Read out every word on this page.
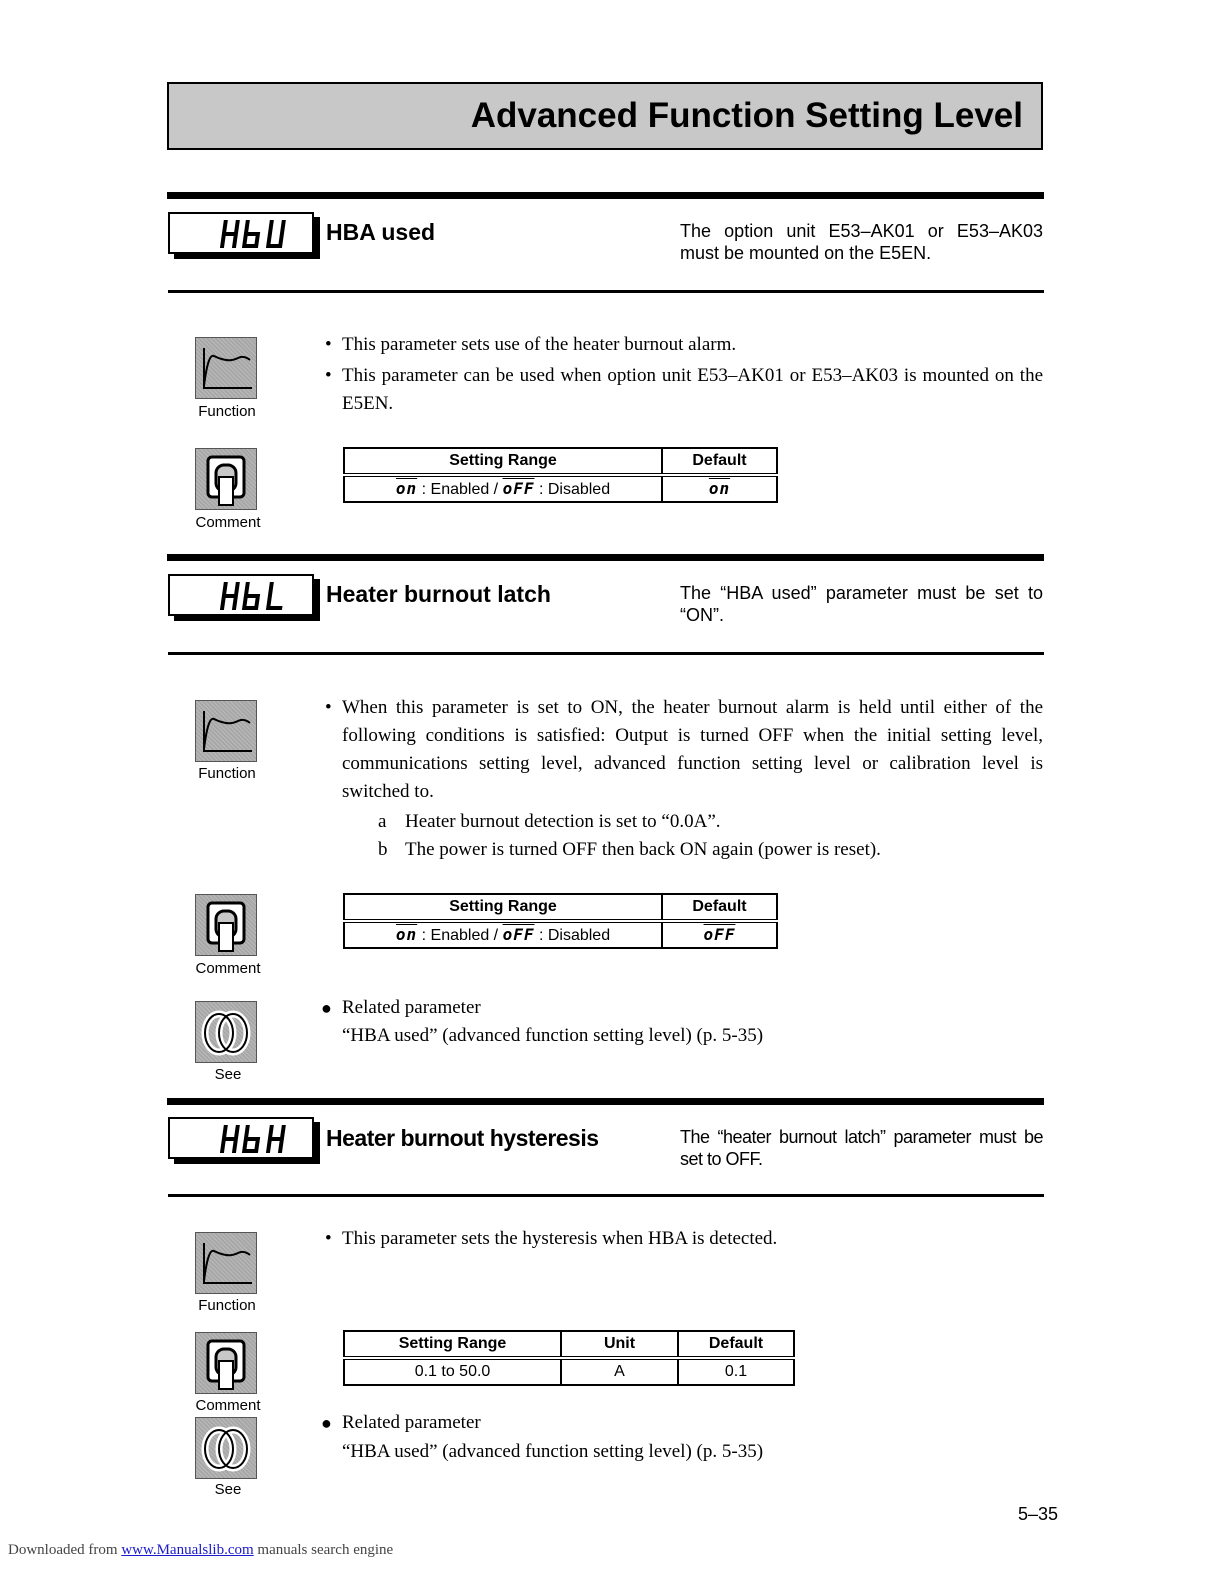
Advanced Function Setting Level
HBA used	The option unit E53–AK01 or E53–AK03 must be mounted on the E5EN.
Function
• This parameter sets use of the heater burnout alarm.
• This parameter can be used when option unit E53–AK01 or E53–AK03 is mounted on the E5EN.
Comment
Setting Range	Default
$\overline{on}$ : Enabled / $\overline{oFF}$ : Disabled	$\overline{on}$
Heater burnout latch	The “HBA used” parameter must be set to “ON”.
Function
• When this parameter is set to ON, the heater burnout alarm is held until either of the following conditions is satisfied: Output is turned OFF when the initial setting level, communications setting level, advanced function setting level or calibration level is switched to.
a Heater burnout detection is set to “0.0A”.
b The power is turned OFF then back ON again (power is reset).
Comment
Setting Range	Default
$\overline{on}$ : Enabled / $\overline{oFF}$ : Disabled	$\overline{oFF}$
See
● Related parameter
“HBA used” (advanced function setting level) (p. 5-35)
Heater burnout hysteresis	The “heater burnout latch” parameter must be set to OFF.
Function
• This parameter sets the hysteresis when HBA is detected.
Comment
Setting Range	Unit	Default
0.1 to 50.0	A	0.1
See
● Related parameter
“HBA used” (advanced function setting level) (p. 5-35)
5–35
Downloaded from www.Manualslib.com manuals search engine
